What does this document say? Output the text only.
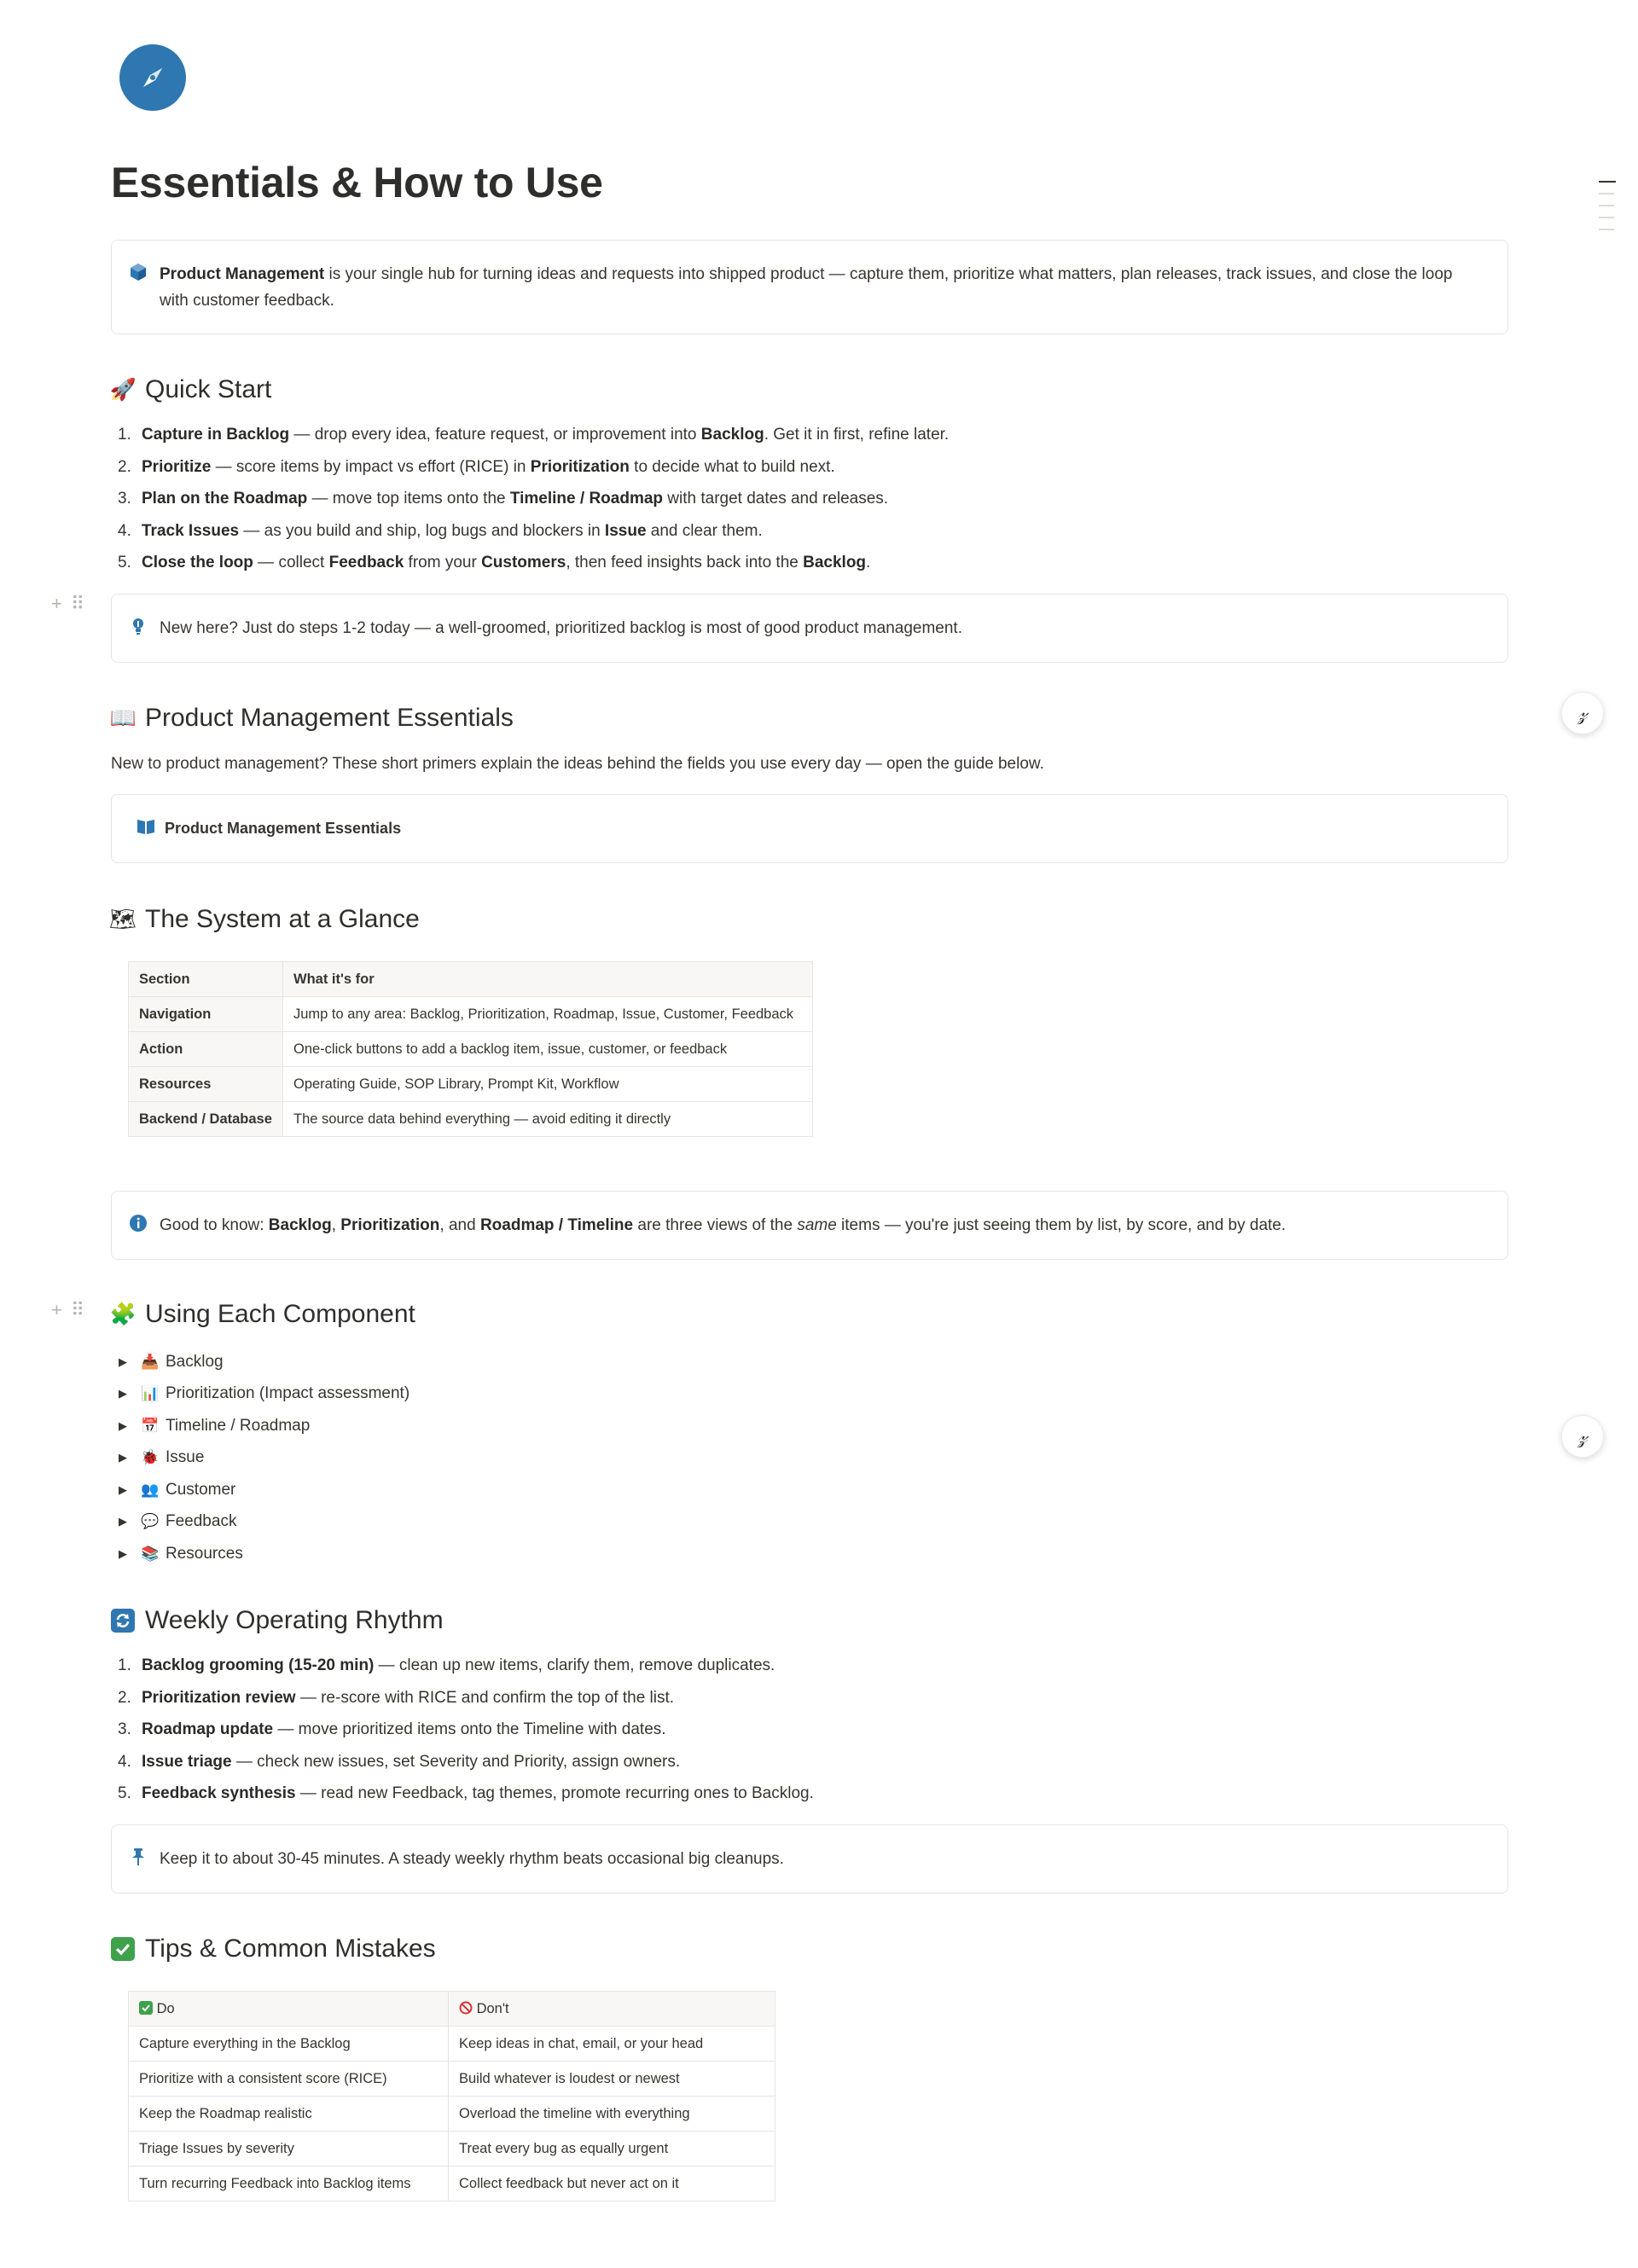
𝓏
𝓏
+ ⠿
+ ⠿
Essentials & How to Use
Product Management is your single hub for turning ideas and requests into shipped product — capture them, prioritize what matters, plan releases, track issues, and close the loop with customer feedback.
🚀 Quick Start
1. Capture in Backlog — drop every idea, feature request, or improvement into Backlog. Get it in first, refine later.
2. Prioritize — score items by impact vs effort (RICE) in Prioritization to decide what to build next.
3. Plan on the Roadmap — move top items onto the Timeline / Roadmap with target dates and releases.
4. Track Issues — as you build and ship, log bugs and blockers in Issue and clear them.
5. Close the loop — collect Feedback from your Customers, then feed insights back into the Backlog.
New here? Just do steps 1-2 today — a well-groomed, prioritized backlog is most of good product management.
📖 Product Management Essentials

New to product management? These short primers explain the ideas behind the fields you use every day — open the guide below.

Product Management Essentials
🗺 The System at a Glance
Section	What it's for
Navigation	Jump to any area: Backlog, Prioritization, Roadmap, Issue, Customer, Feedback
Action	One-click buttons to add a backlog item, issue, customer, or feedback
Resources	Operating Guide, SOP Library, Prompt Kit, Workflow
Backend / Database	The source data behind everything — avoid editing it directly
Good to know: Backlog, Prioritization, and Roadmap / Timeline are three views of the same items — you're just seeing them by list, by score, and by date.
🧩 Using Each Component
▶ 📥 Backlog
▶ 📊 Prioritization (Impact assessment)
▶ 📅 Timeline / Roadmap
▶ 🐞 Issue
▶ 👥 Customer
▶ 💬 Feedback
▶ 📚 Resources
Weekly Operating Rhythm
1. Backlog grooming (15-20 min) — clean up new items, clarify them, remove duplicates.
2. Prioritization review — re-score with RICE and confirm the top of the list.
3. Roadmap update — move prioritized items onto the Timeline with dates.
4. Issue triage — check new issues, set Severity and Priority, assign owners.
5. Feedback synthesis — read new Feedback, tag themes, promote recurring ones to Backlog.
Keep it to about 30-45 minutes. A steady weekly rhythm beats occasional big cleanups.
Tips & Common Mistakes
Do	Don't
Capture everything in the Backlog	Keep ideas in chat, email, or your head
Prioritize with a consistent score (RICE)	Build whatever is loudest or newest
Keep the Roadmap realistic	Overload the timeline with everything
Triage Issues by severity	Treat every bug as equally urgent
Turn recurring Feedback into Backlog items	Collect feedback but never act on it
